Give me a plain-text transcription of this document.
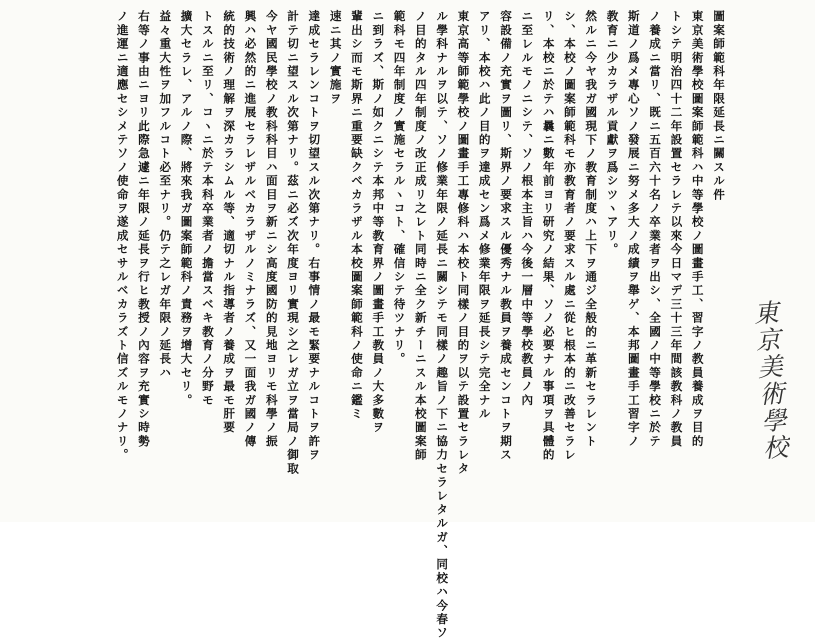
圖案師範科年限延長ニ關スル件

東京美術學校圖案師範科ハ中等學校ノ圖畫手工、習字ノ教員養成ヲ目的

トシテ明治四十二年設置セラレテ以來今日マデ三十三年間該教科ノ教員

ノ養成ニ當リ、既ニ五百六十名ノ卒業者ヲ出シ、全國ノ中等學校ニ於テ

斯道ノ爲メ專心ソノ發展ニ努メ多大ノ成績ヲ舉ゲ、本邦圖畫手工習字ノ

教育ニ少カラザル貢獻ヲ爲シツヽアリ。

然ルニ今ヤ我ガ國現下ノ教育制度ハ上下ヲ通ジ全般的ニ革新セラレント

シ、本校ノ圖案師範科モ亦教育者ノ要求スル處ニ從ヒ根本的ニ改善セラレ

リ、本校ニ於テハ曩ニ數年前ヨリ研究ノ結果、ソノ必要ナル事項ヲ具體的

ニ至レルモノニシテ、ソノ根本主旨ハ今後一層中等學校教員ノ內

容設備ノ充實ヲ圖リ、斯界ノ要求スル優秀ナル教員ヲ養成センコトヲ期ス

アリ、本校ハ此ノ目的ヲ達成セン爲メ修業年限ヲ延長シテ完全ナル

東京高等師範學校ノ圖畫手工專修科ハ本校ト同樣ノ目的ヲ以テ設置セラレタ

ル學科ナルヲ以テ、ソノ修業年限ノ延長ニ關シテモ同樣ノ趣旨ノ下ニ協力セラレタルガ、同校ハ今春ソ

ノ目的タル四年制度ノ改正成リ之レト同時ニ全ク新チーニスル本校圖案師

範科モ四年制度ノ實施セラルヽコト、確信シテ待ツナリ。

ニ到ラズ、斯ノ如クニシテ本邦中等教育界ノ圖畫手工教員ノ大多數ヲ

輩出シ而モ斯界ニ重要缺クベカラザル本校圖案師範科ノ使命ニ鑑ミ

速ニ其ノ實施ヲ

達成セラレンコトヲ切望スル次第ナリ。右事情ノ最モ緊要ナルコトヲ許ヲ

計テ切ニ望スル次第ナリ。茲ニ必ズ次年度ヨリ實現シ之レガ立ヲ當局ノ御取

今ヤ國民學校ノ教科科目ハ面目ヲ新ニシ高度國防的見地ヨリモ科學ノ振

興ハ必然的ニ進展セラレザルベカラザルノミナラズ、又一面我ガ國ノ傳

統的技術ノ理解ヲ深カラシムル等、適切ナル指導者ノ養成ヲ最モ肝要

トスルニ至リ、コヽニ於テ本科卒業者ノ擔當スベキ教育ノ分野モ

擴大セラレ、アルノ際、將來我ガ圖案師範科ノ責務ヲ增大セリ。

益々重大性ヲ加フルコト必至ナリ。仍テ之レガ年限ノ延長ハ

右等ノ事由ニヨリ此際急遽ニ年限ノ延長ヲ行ヒ教授ノ內容ヲ充實シ時勢

ノ進運ニ適應セシメテソノ使命ヲ遂成セサルベカラズト信ズルモノナリ。	東京美術學校
